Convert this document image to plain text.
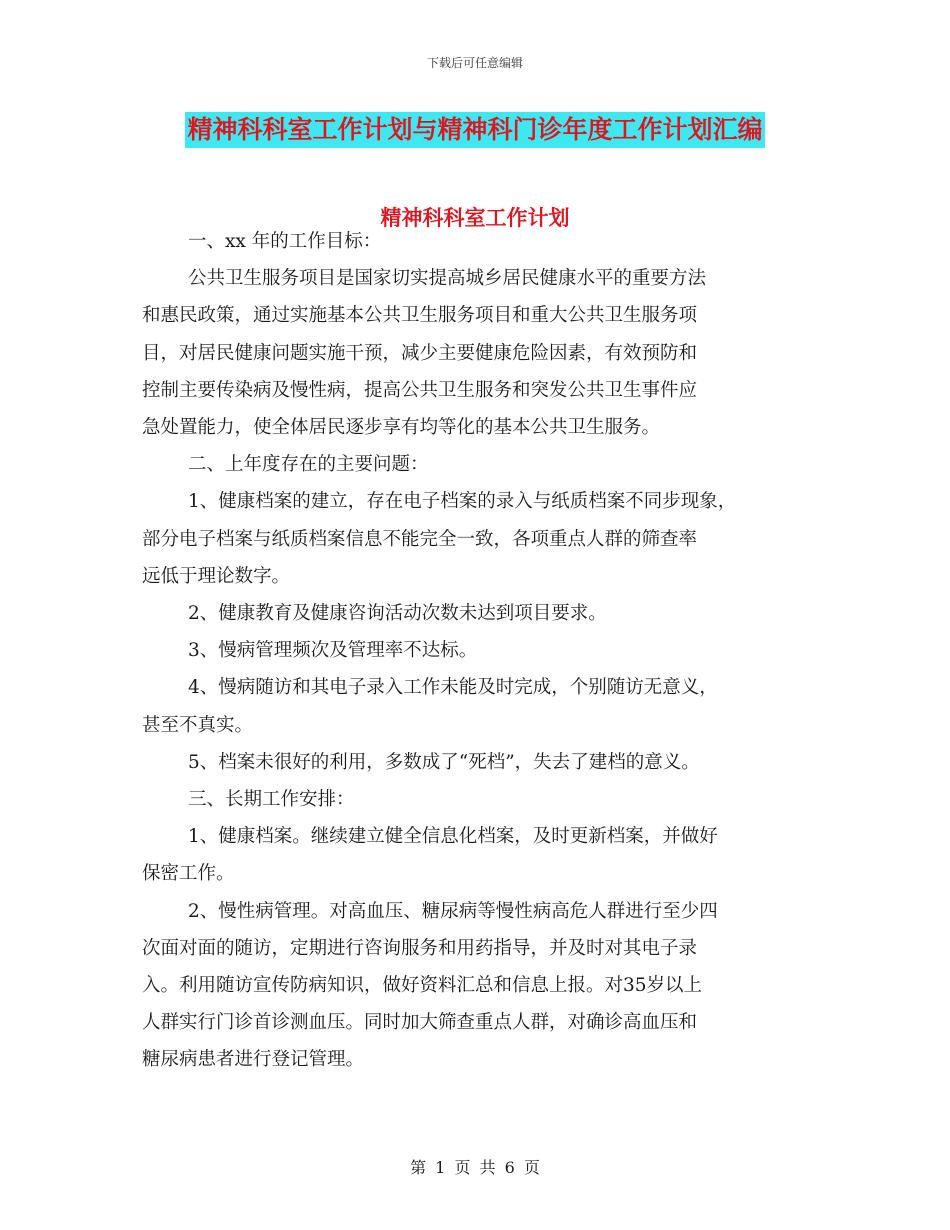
下载后可任意编辑
精神科科室工作计划与精神科门诊年度工作计划汇编
精神科科室工作计划

一、xx 年的工作目标：

公共卫生服务项目是国家切实提高城乡居民健康水平的重要方法
和惠民政策，通过实施基本公共卫生服务项目和重大公共卫生服务项
目，对居民健康问题实施干预，减少主要健康危险因素，有效预防和
控制主要传染病及慢性病，提高公共卫生服务和突发公共卫生事件应
急处置能力，使全体居民逐步享有均等化的基本公共卫生服务。

二、上年度存在的主要问题：

1、健康档案的建立，存在电子档案的录入与纸质档案不同步现象，
部分电子档案与纸质档案信息不能完全一致，各项重点人群的筛查率
远低于理论数字。

2、健康教育及健康咨询活动次数未达到项目要求。

3、慢病管理频次及管理率不达标。

4、慢病随访和其电子录入工作未能及时完成，个别随访无意义，
甚至不真实。

5、档案未很好的利用，多数成了“死档”，失去了建档的意义。

三、长期工作安排：

1、健康档案。继续建立健全信息化档案，及时更新档案，并做好
保密工作。

2、慢性病管理。对高血压、糖尿病等慢性病高危人群进行至少四
次面对面的随访，定期进行咨询服务和用药指导，并及时对其电子录
入。利用随访宣传防病知识，做好资料汇总和信息上报。对35岁以上
人群实行门诊首诊测血压。同时加大筛查重点人群，对确诊高血压和
糖尿病患者进行登记管理。

第 1 页 共 6 页
